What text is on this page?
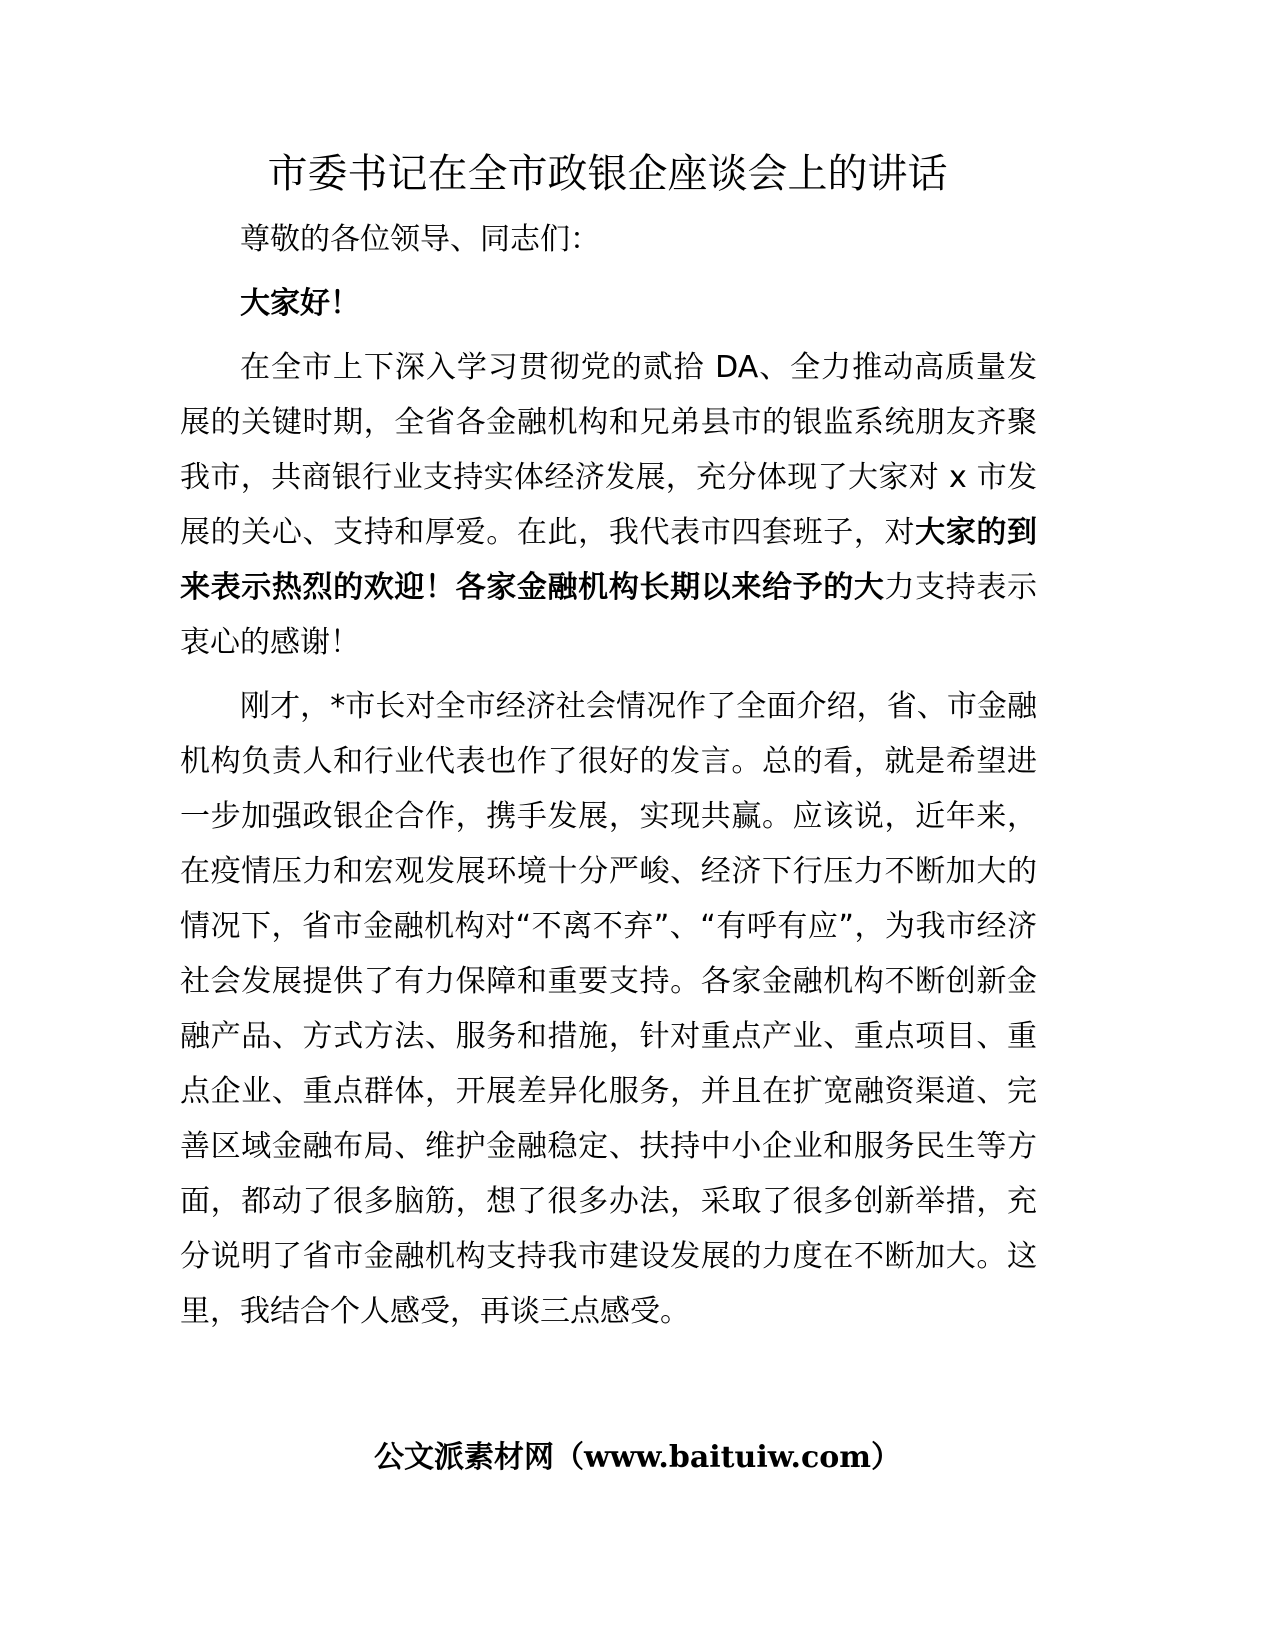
市委书记在全市政银企座谈会上的讲话

尊敬的各位领导、同志们：

大家好！

在全市上下深入学习贯彻党的贰拾 DA、全力推动高质量发展的关键时期，全省各金融机构和兄弟县市的银监系统朋友齐聚我市，共商银行业支持实体经济发展，充分体现了大家对 x 市发展的关心、支持和厚爱。在此，我代表市四套班子，对大家的到来表示热烈的欢迎！各家金融机构长期以来给予的大力支持表示衷心的感谢！

刚才，*市长对全市经济社会情况作了全面介绍，省、市金融机构负责人和行业代表也作了很好的发言。总的看，就是希望进一步加强政银企合作，携手发展，实现共赢。应该说，近年来，在疫情压力和宏观发展环境十分严峻、经济下行压力不断加大的情况下，省市金融机构对“不离不弃”、“有呼有应”，为我市经济社会发展提供了有力保障和重要支持。各家金融机构不断创新金融产品、方式方法、服务和措施，针对重点产业、重点项目、重点企业、重点群体，开展差异化服务，并且在扩宽融资渠道、完善区域金融布局、维护金融稳定、扶持中小企业和服务民生等方面，都动了很多脑筋，想了很多办法，采取了很多创新举措，充分说明了省市金融机构支持我市建设发展的力度在不断加大。这里，我结合个人感受，再谈三点感受。

公文派素材网（www.baituiw.com）
